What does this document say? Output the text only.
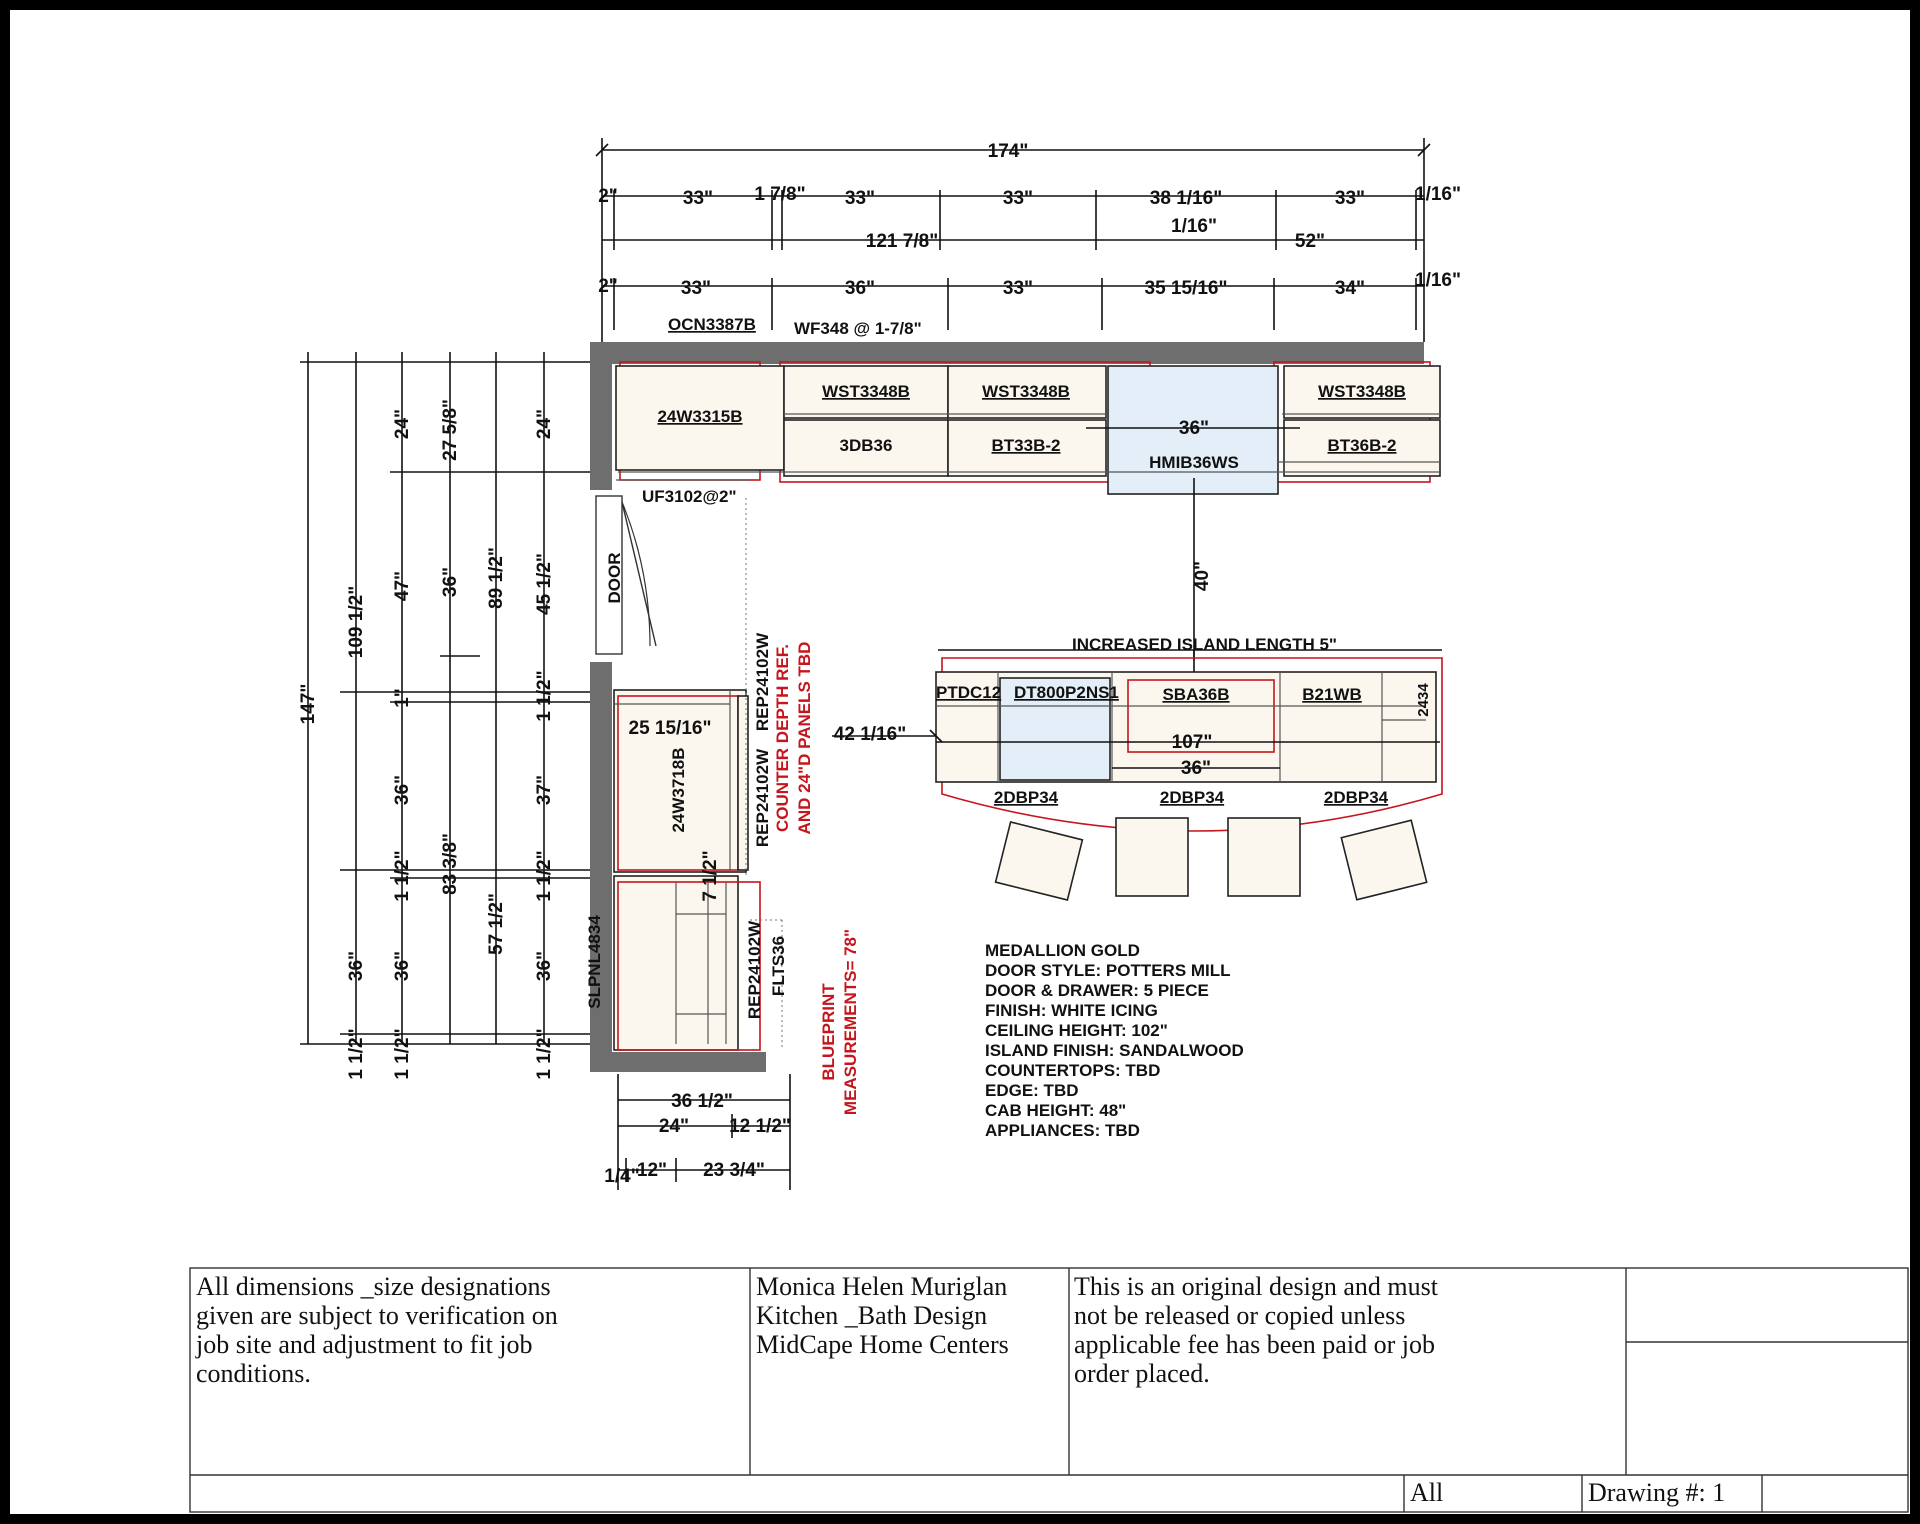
174"
2"	33" 1 7/8" 33"	33"	38 1/16"	33"	1/16"
121 7/8"
1/16"
52"
2"	33"	36"	33"	35 15/16"	34"	1/16"
147"
109 1/2"
36"
1 1/2"
24"
47"
1"
36"
1 1/2"
36"
1 1/2"
27 5/8"
36"
83 3/8"
89 1/2"
57 1/2"
24"
45 1/2"
1 1/2"
37"
1 1/2"
36"
1 1/2"
OCN3387B WF348 @ 1-7/8"
24W3315B
WST3348B	WST3348B
3DB36	BT33B-2
36"
HMIB36WS
WST3348B
BT36B-2
UF3102@2"
40"
DOOR
25 15/16"
24W3718B
7 1/2"
REP24102W
REP24102W
REP24102W FLTS36
SLPNL4834
COUNTER DEPTH REF. AND 24"D PANELS TBD
BLUEPRINT MEASUREMENTS= 78"
36 1/2"
24" 12 1/2"
1/4"
12" 23 3/4"
PTDC12 DT800P2NS1	SBA36B	B21WB	2434
107"
36"
42 1/16"
INCREASED ISLAND LENGTH 5"
2DBP34	2DBP34	2DBP34
MEDALLION GOLD
DOOR STYLE: POTTERS MILL
DOOR & DRAWER: 5 PIECE
FINISH: WHITE ICING
CEILING HEIGHT: 102"
ISLAND FINISH: SANDALWOOD
COUNTERTOPS: TBD
EDGE: TBD
CAB HEIGHT: 48"
APPLIANCES: TBD
All dimensions _size designations
given are subject to verification on
job site and adjustment to fit job
conditions.
Monica Helen Muriglan
Kitchen _Bath Design
MidCape Home Centers
This is an original design and must
not be released or copied unless
applicable fee has been paid or job
order placed.
All	Drawing #: 1
